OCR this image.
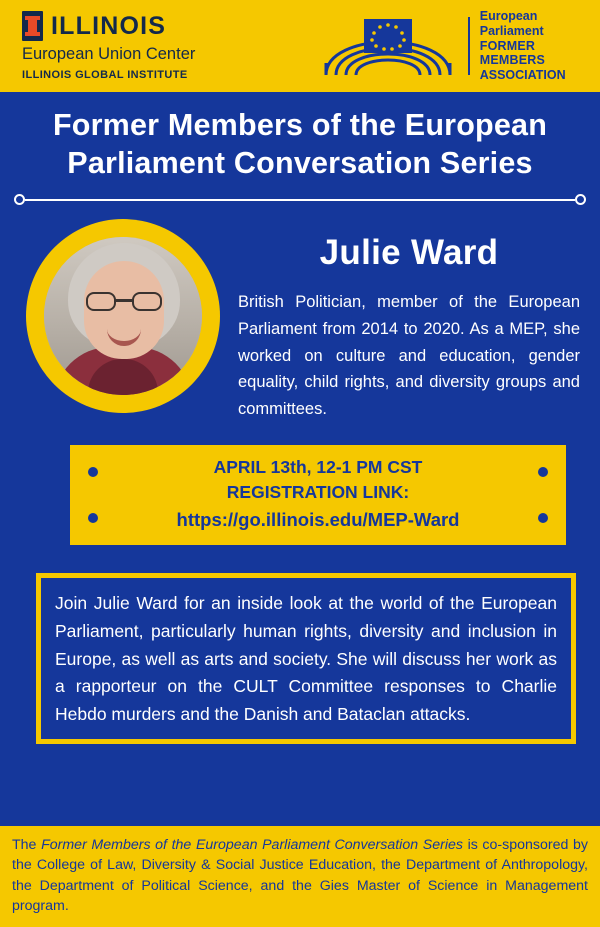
ILLINOIS
European Union Center
ILLINOIS GLOBAL INSTITUTE
European Parliament
FORMER MEMBERS
ASSOCIATION
Former Members of the European
Parliament Conversation Series
Julie Ward
British Politician, member of the European Parliament from 2014 to 2020. As a MEP, she worked on culture and education, gender equality, child rights, and diversity groups and committees.
APRIL 13th, 12-1 PM CST
REGISTRATION LINK:
https://go.illinois.edu/MEP-Ward
Join Julie Ward for an inside look at the world of the European Parliament, particularly human rights, diversity and inclusion in Europe, as well as arts and society. She will discuss her work as a rapporteur on the CULT Committee responses to Charlie Hebdo murders and the Danish and Bataclan attacks.
The Former Members of the European Parliament Conversation Series is co-sponsored by the College of Law, Diversity & Social Justice Education, the Department of Anthropology, the Department of Political Science, and the Gies Master of Science in Management program.
